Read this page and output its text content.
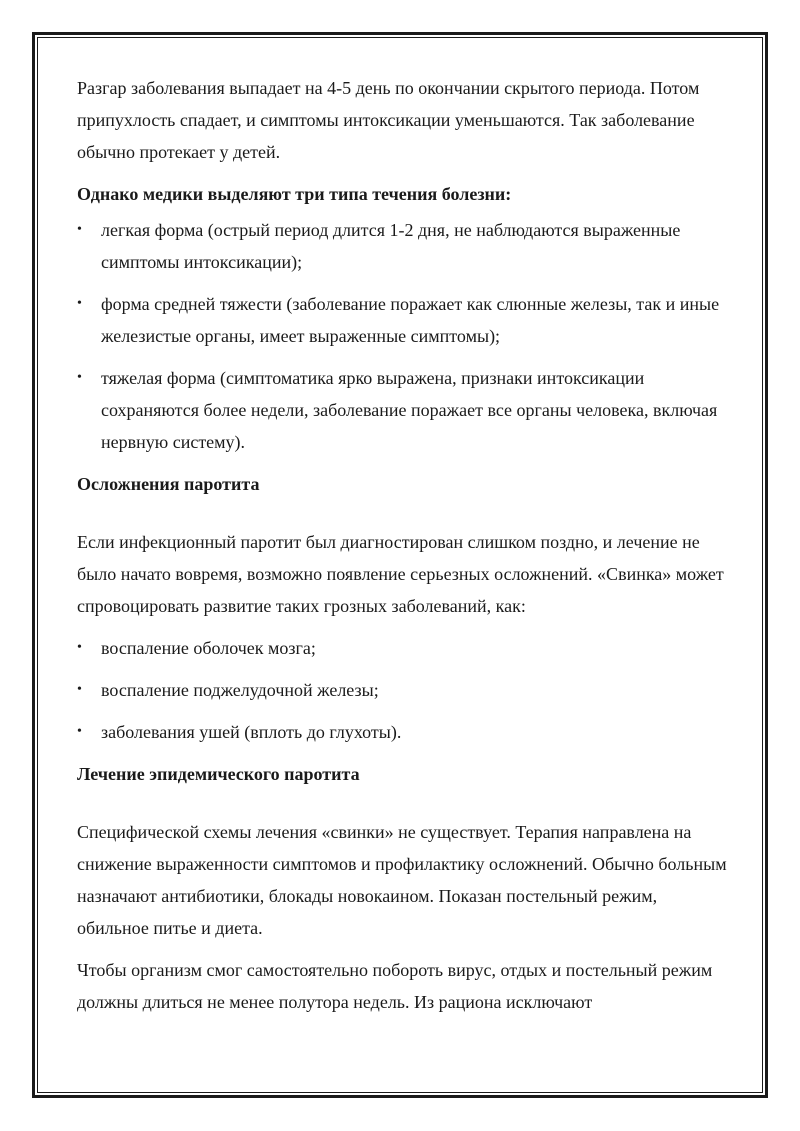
Разгар заболевания выпадает на 4-5 день по окончании скрытого периода. Потом припухлость спадает, и симптомы интоксикации уменьшаются. Так заболевание обычно протекает у детей.

Однако медики выделяют три типа течения болезни:

• легкая форма (острый период длится 1-2 дня, не наблюдаются выраженные симптомы интоксикации);
• форма средней тяжести (заболевание поражает как слюнные железы, так и иные железистые органы, имеет выраженные симптомы);
• тяжелая форма (симптоматика ярко выражена, признаки интоксикации сохраняются более недели, заболевание поражает все органы человека, включая нервную систему).

Осложнения паротита

Если инфекционный паротит был диагностирован слишком поздно, и лечение не было начато вовремя, возможно появление серьезных осложнений. «Свинка» может спровоцировать развитие таких грозных заболеваний, как:

• воспаление оболочек мозга;
• воспаление поджелудочной железы;
• заболевания ушей (вплоть до глухоты).

Лечение эпидемического паротита

Специфической схемы лечения «свинки» не существует. Терапия направлена на снижение выраженности симптомов и профилактику осложнений. Обычно больным назначают антибиотики, блокады новокаином. Показан постельный режим, обильное питье и диета.

Чтобы организм смог самостоятельно побороть вирус, отдых и постельный режим должны длиться не менее полутора недель. Из рациона исключают
